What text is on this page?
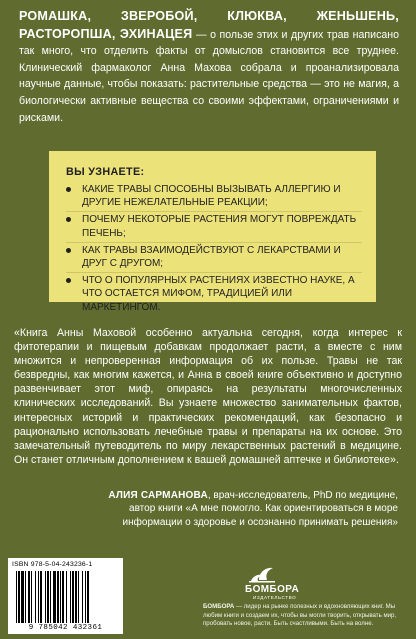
РОМАШКА, ЗВЕРОБОЙ, КЛЮКВА, ЖЕНЬШЕНЬ, РАСТОРОПША, ЭХИНАЦЕЯ — о пользе этих и других трав написано так много, что отделить факты от домыслов становится все труднее. Клинический фармаколог Анна Махова собрала и проанализировала научные данные, чтобы показать: растительные средства — это не магия, а биологически активные вещества со своими эффектами, ограничениями и рисками.
ВЫ УЗНАЕТЕ:
КАКИЕ ТРАВЫ СПОСОБНЫ ВЫЗЫВАТЬ АЛЛЕРГИЮ И ДРУГИЕ НЕЖЕЛАТЕЛЬНЫЕ РЕАКЦИИ;
ПОЧЕМУ НЕКОТОРЫЕ РАСТЕНИЯ МОГУТ ПОВРЕЖДАТЬ ПЕЧЕНЬ;
КАК ТРАВЫ ВЗАИМОДЕЙСТВУЮТ С ЛЕКАРСТВАМИ И ДРУГ С ДРУГОМ;
ЧТО О ПОПУЛЯРНЫХ РАСТЕНИЯХ ИЗВЕСТНО НАУКЕ, А ЧТО ОСТАЕТСЯ МИФОМ, ТРАДИЦИЕЙ ИЛИ МАРКЕТИНГОМ.
«Книга Анны Маховой особенно актуальна сегодня, когда интерес к фитотерапии и пищевым добавкам продолжает расти, а вместе с ним множится и непроверенная информация об их пользе. Травы не так безвредны, как многим кажется, и Анна в своей книге объективно и доступно развенчивает этот миф, опираясь на результаты многочисленных клинических исследований. Вы узнаете множество занимательных фактов, интересных историй и практических рекомендаций, как безопасно и рационально использовать лечебные травы и препараты на их основе. Это замечательный путеводитель по миру лекарственных растений в медицине. Он станет отличным дополнением к вашей домашней аптечке и библиотеке».
АЛИЯ САРМАНОВА, врач-исследователь, PhD по медицине,
автор книги «А мне помогло. Как ориентироваться в море
информации о здоровье и осознанно принимать решения»
ISBN 978-5-04-243236-1
9 785042 432361
БОМБОРА
ИЗДАТЕЛЬСТВО
БОМБОРА — лидер на рынке полезных и вдохновляющих книг. Мы любим книги и создаем их, чтобы вы могли творить, открывать мир, пробовать новое, расти. Быть счастливыми. Быть на волне.
